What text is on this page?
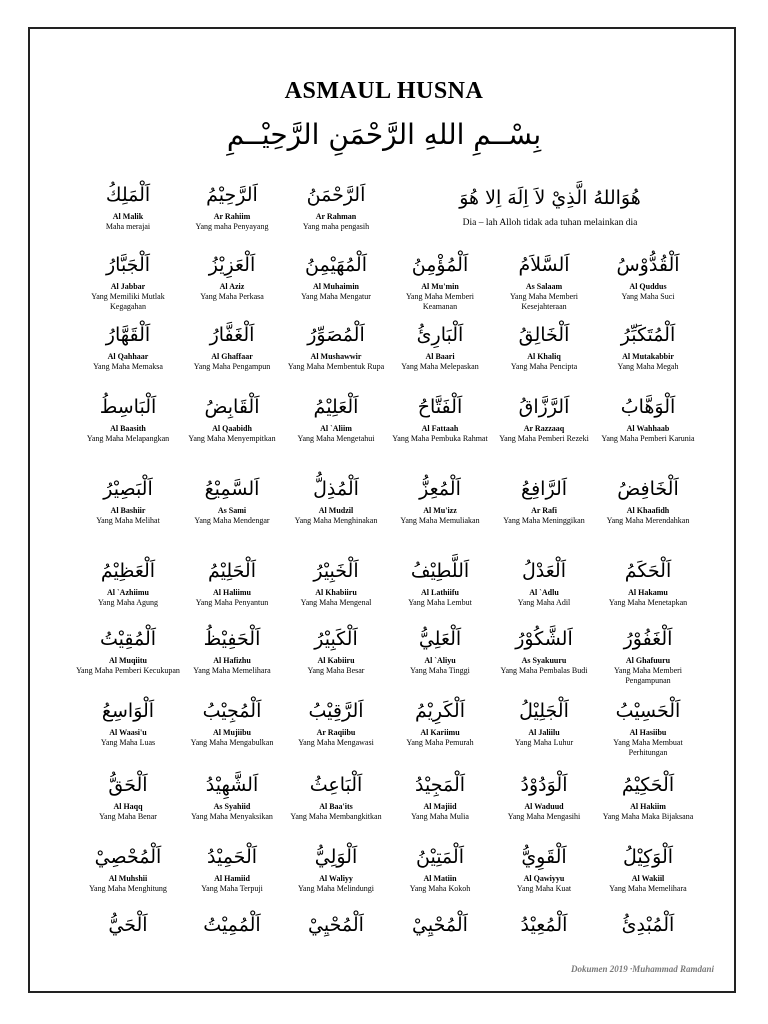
ASMAUL HUSNA
بِسْــمِ اللهِ الرَّحْمَنِ الرَّحِيْــمِ
هُوَاللهُ الَّذِيْ لاَ اِلَهَ اِلا هُوَ
Dia – lah Alloh tidak ada tuhan melainkan dia
اَلرَّحْمَنُ
Ar Rahman
Yang maha pengasih
اَلرَّحِيْمُ
Ar Rahiim
Yang maha Penyayang
اَلْمَلِكُ
Al Malik
Maha merajai
اَلْقُدُّوْسُ
Al Quddus
Yang Maha Suci
اَلسَّلاَمُ
As Salaam
Yang Maha Memberi Kesejahteraan
اَلْمُؤْمِنُ
Al Mu'min
Yang Maha Memberi Keamanan
اَلْمُهَيْمِنُ
Al Muhaimin
Yang Maha Mengatur
اَلْعَزِيْزُ
Al Aziz
Yang Maha Perkasa
اَلْجَبَّارُ
Al Jabbar
Yang Memiliki Mutlak Kegagahan
اَلْمُتَكَبِّرُ
Al Mutakabbir
Yang Maha Megah
اَلْخَالِقُ
Al Khaliq
Yang Maha Pencipta
اَلْبَارِئُ
Al Baari
Yang Maha Melepaskan
اَلْمُصَوِّرُ
Al Mushawwir
Yang Maha Membentuk Rupa
اَلْغَفَّارُ
Al Ghaffaar
Yang Maha Pengampun
اَلْقَهَّارُ
Al Qahhaar
Yang Maha Memaksa
اَلْوَهَّابُ
Al Wahhaab
Yang Maha Pemberi Karunia
اَلرَّزَّاقُ
Ar Razzaaq
Yang Maha Pemberi Rezeki
اَلْفَتَّاحُ
Al Fattaah
Yang Maha Pembuka Rahmat
اَلْعَلِيْمُ
Al `Aliim
Yang Maha Mengetahui
اَلْقَابِضُ
Al Qaabidh
Yang Maha Menyempitkan
اَلْبَاسِطُ
Al Baasith
Yang Maha Melapangkan
اَلْخَافِضُ
Al Khaafidh
Yang Maha Merendahkan
اَلرَّافِعُ
Ar Rafi
Yang Maha Meninggikan
اَلْمُعِزُّ
Al Mu'izz
Yang Maha Memuliakan
اَلْمُذِلُّ
Al Mudzil
Yang Maha Menghinakan
اَلسَّمِيْعُ
As Sami
Yang Maha Mendengar
اَلْبَصِيْرُ
Al Bashiir
Yang Maha Melihat
اَلْحَكَمُ
Al Hakamu
Yang Maha Menetapkan
اَلْعَدْلُ
Al `Adlu
Yang Maha Adil
اَللَّطِيْفُ
Al Lathiifu
Yang Maha Lembut
اَلْخَبِيْرُ
Al Khabiiru
Yang Maha Mengenal
اَلْحَلِيْمُ
Al Haliimu
Yang Maha Penyantun
اَلْعَظِيْمُ
Al `Azhiimu
Yang Maha Agung
اَلْغَفُوْرُ
Al Ghafuuru
Yang Maha Memberi Pengampunan
اَلشَّكُوْرُ
As Syakuuru
Yang Maha Pembalas Budi
اَلْعَلِيُّ
Al `Aliyu
Yang Maha Tinggi
اَلْكَبِيْرُ
Al Kabiiru
Yang Maha Besar
اَلْحَفِيْظُ
Al Hafizhu
Yang Maha Memelihara
اَلْمُقِيْتُ
Al Muqiitu
Yang Maha Pemberi Kecukupan
اَلْحَسِيْبُ
Al Hasiibu
Yang Maha Membuat Perhitungan
اَلْجَلِيْلُ
Al Jaliilu
Yang Maha Luhur
اَلْكَرِيْمُ
Al Kariimu
Yang Maha Pemurah
اَلرَّقِيْبُ
Ar Raqiibu
Yang Maha Mengawasi
اَلْمُجِيْبُ
Al Mujiibu
Yang Maha Mengabulkan
اَلْوَاسِعُ
Al Waasi'u
Yang Maha Luas
اَلْحَكِيْمُ
Al Hakiim
Yang Maha Maka Bijaksana
اَلْوَدُوْدُ
Al Waduud
Yang Maha Mengasihi
اَلْمَجِيْدُ
Al Majiid
Yang Maha Mulia
اَلْبَاعِثُ
Al Baa'its
Yang Maha Membangkitkan
اَلشَّهِيْدُ
As Syahiid
Yang Maha Menyaksikan
اَلْحَقُّ
Al Haqq
Yang Maha Benar
اَلْوَكِيْلُ
Al Wakiil
Yang Maha Memelihara
اَلْقَوِيُّ
Al Qawiyyu
Yang Maha Kuat
اَلْمَتِيْنُ
Al Matiin
Yang Maha Kokoh
اَلْوَلِيُّ
Al Waliyy
Yang Maha Melindungi
اَلْحَمِيْدُ
Al Hamiid
Yang Maha Terpuji
اَلْمُحْصِيْ
Al Muhshii
Yang Maha Menghitung
اَلْمُبْدِئُ
اَلْمُعِيْدُ
اَلْمُحْيِيْ
اَلْمُحْيِيْ
اَلْمُمِيْتُ
اَلْحَيُّ
Dokumen 2019 ·Muhammad Ramdani
